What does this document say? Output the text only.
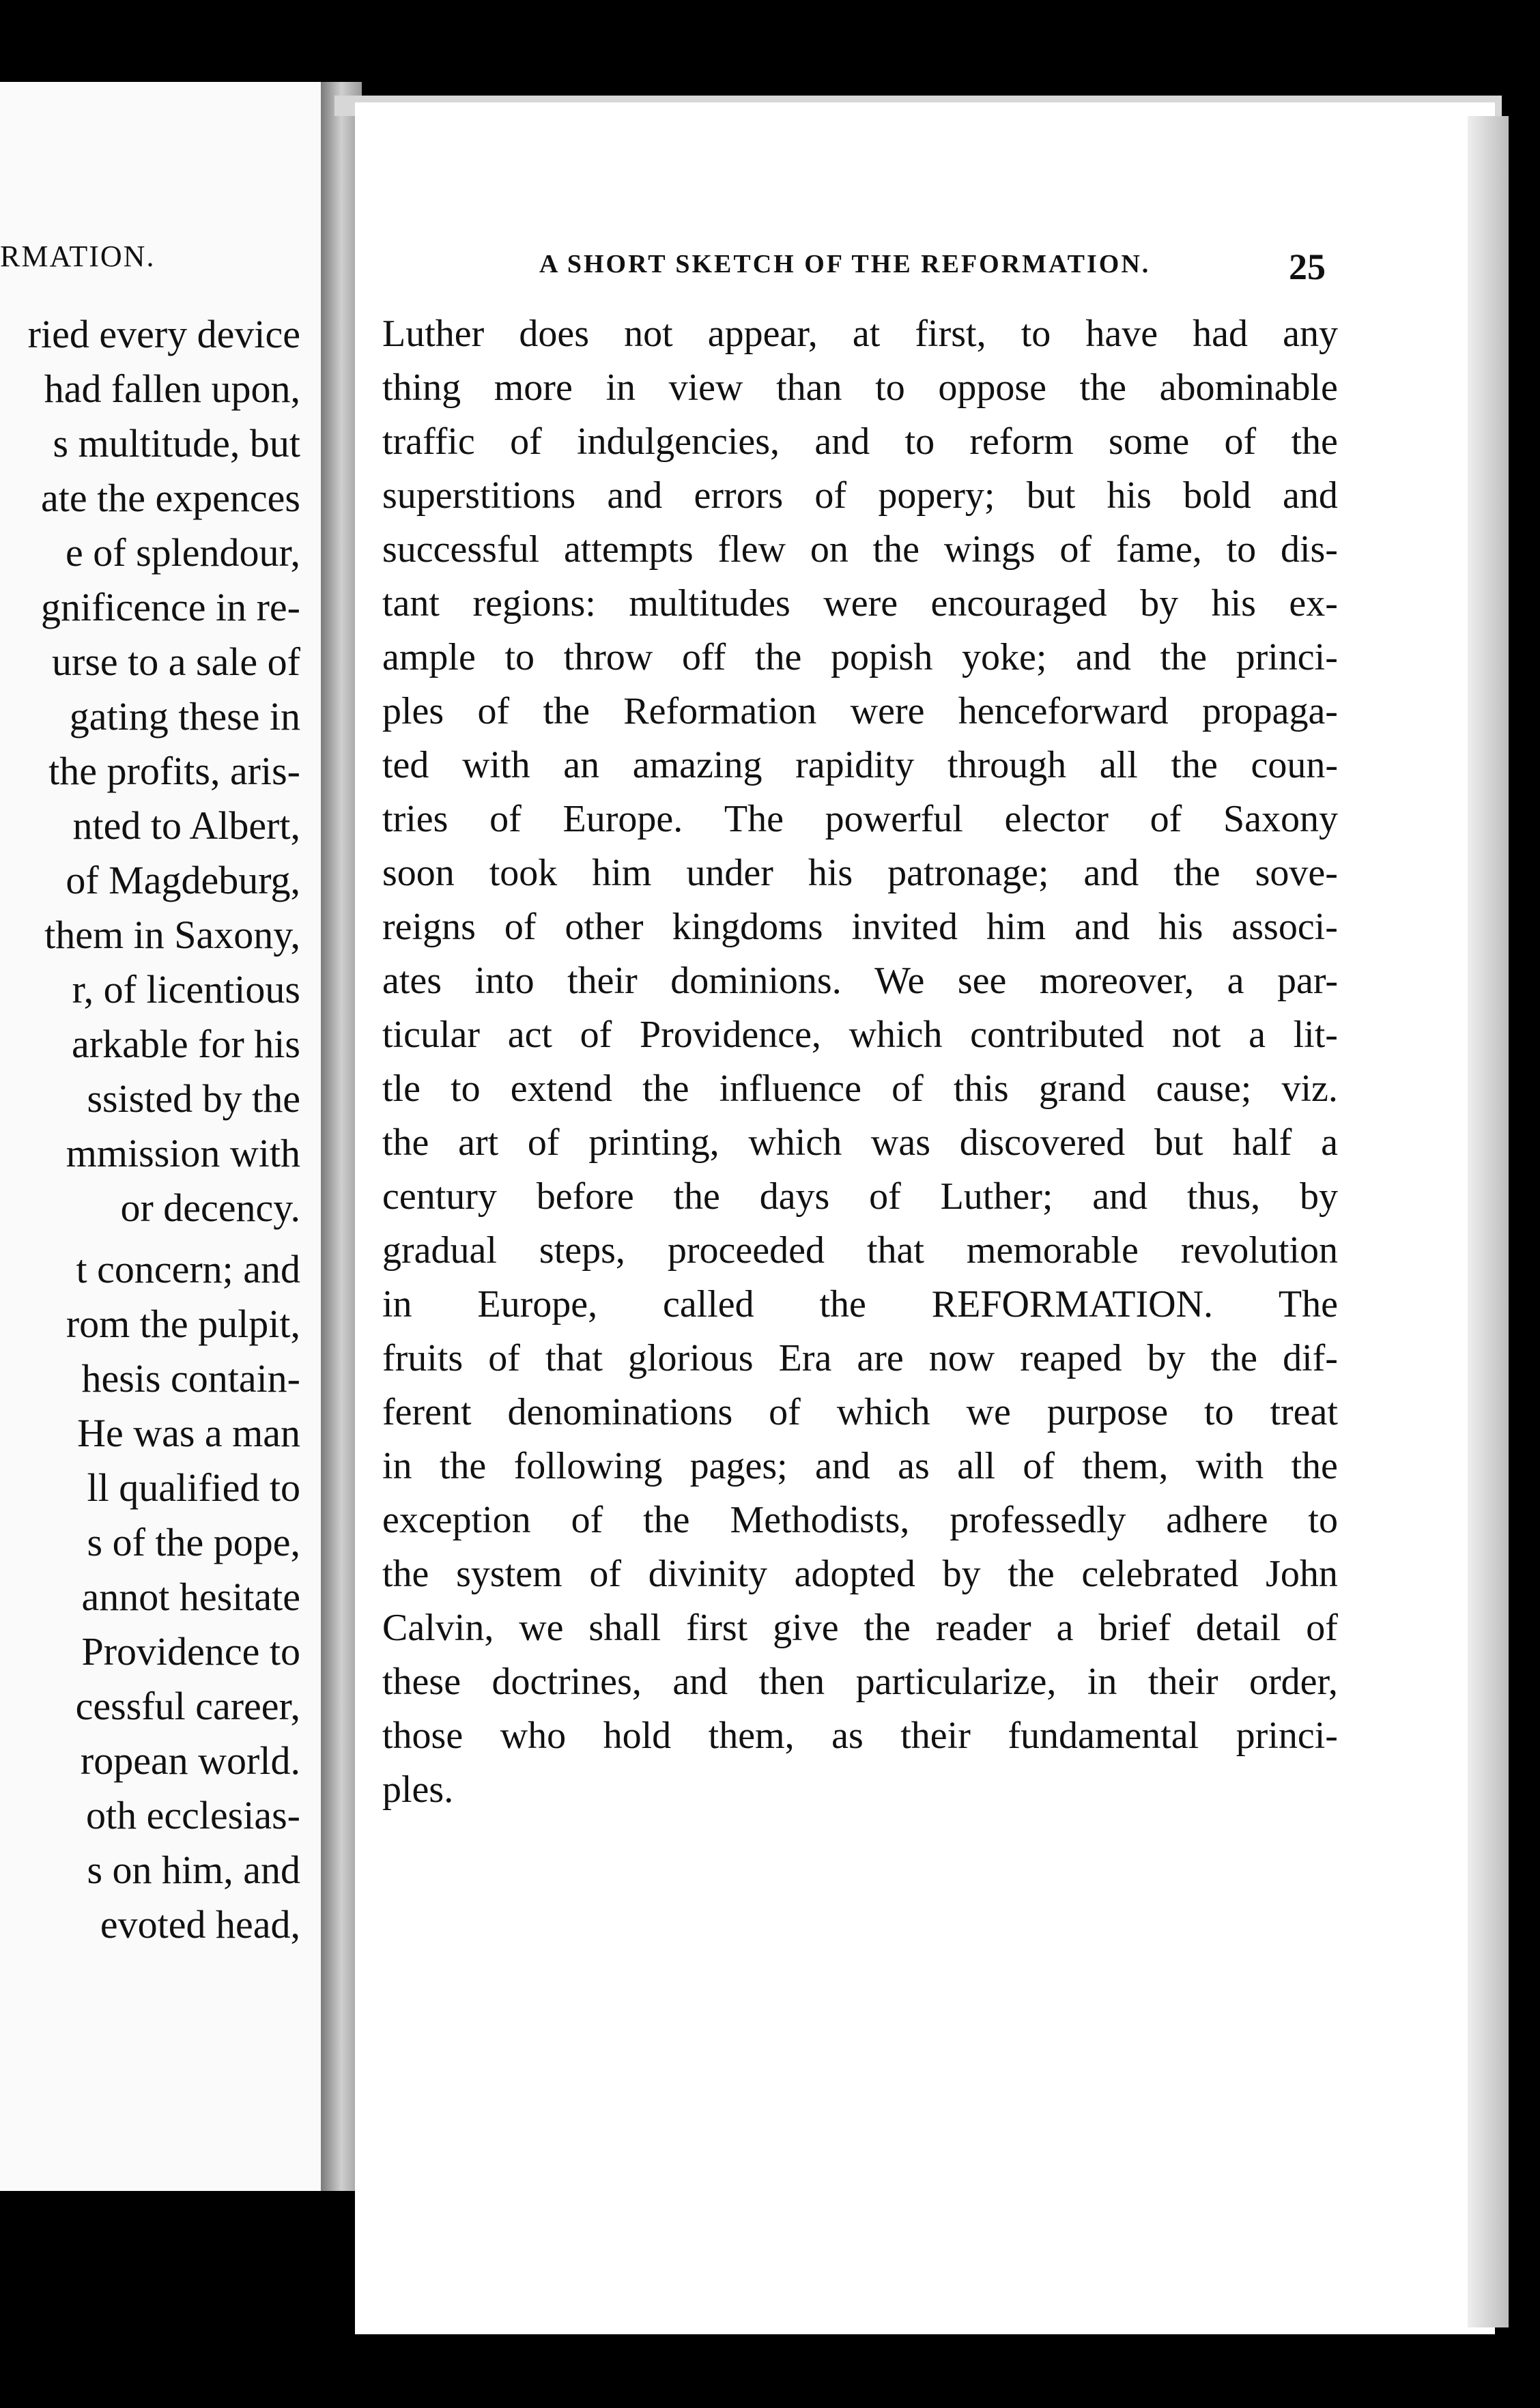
RMATION.
ried every device
had fallen upon,
s multitude, but
ate the expences
e of splendour,
gnificence in re-
urse to a sale of
gating these in
the profits, aris-
nted to Albert,
of Magdeburg,
them in Saxony,
r, of licentious
arkable for his
ssisted by the
mmission with
or decency.
t concern; and
rom the pulpit,
hesis contain-
He was a man
ll qualified to
s of the pope,
annot hesitate
Providence to
cessful career,
ropean world.
oth ecclesias-
s on him, and
evoted head,
A SHORT SKETCH OF THE REFORMATION.	25
Luther does not appear, at first, to have had any
thing more in view than to oppose the abominable
traffic of indulgencies, and to reform some of the
superstitions and errors of popery; but his bold and
successful attempts flew on the wings of fame, to dis-
tant regions: multitudes were encouraged by his ex-
ample to throw off the popish yoke; and the princi-
ples of the Reformation were henceforward propaga-
ted with an amazing rapidity through all the coun-
tries of Europe. The powerful elector of Saxony
soon took him under his patronage; and the sove-
reigns of other kingdoms invited him and his associ-
ates into their dominions. We see moreover, a par-
ticular act of Providence, which contributed not a lit-
tle to extend the influence of this grand cause; viz.
the art of printing, which was discovered but half a
century before the days of Luther; and thus, by
gradual steps, proceeded that memorable revolution
in Europe, called the REFORMATION. The
fruits of that glorious Era are now reaped by the dif-
ferent denominations of which we purpose to treat
in the following pages; and as all of them, with the
exception of the Methodists, professedly adhere to
the system of divinity adopted by the celebrated John
Calvin, we shall first give the reader a brief detail of
these doctrines, and then particularize, in their order,
those who hold them, as their fundamental princi-
ples.
